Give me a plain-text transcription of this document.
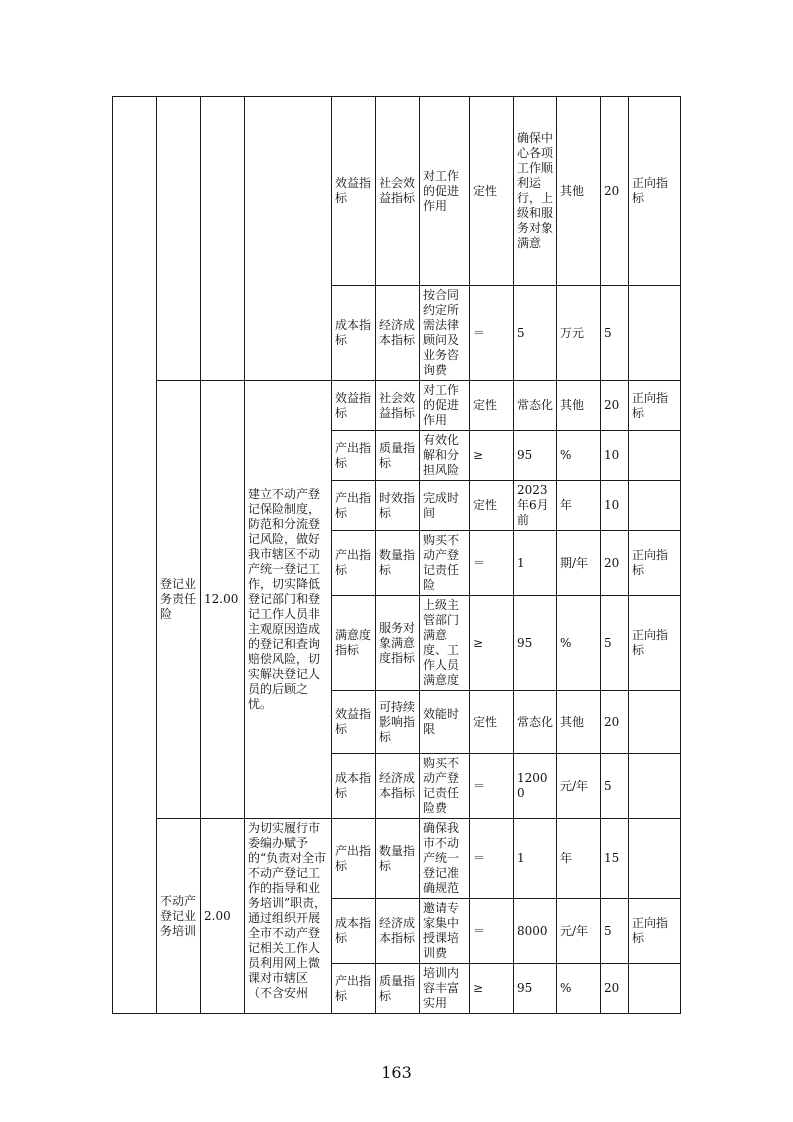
				效益指标	社会效益指标	对工作的促进作用	定性	确保中心各项工作顺利运行，上级和服务对象满意	其他	20	正向指标
				成本指标	经济成本指标	按合同约定所需法律顾问及业务咨询费	＝	5	万元	5	
	登记业务责任险	12.00	建立不动产登记保险制度，防范和分流登记风险，做好我市辖区不动产统一登记工作，切实降低登记部门和登记工作人员非主观原因造成的登记和查询赔偿风险，切实解决登记人员的后顾之忧。	效益指标	社会效益指标	对工作的促进作用	定性	常态化	其他	20	正向指标
				产出指标	质量指标	有效化解和分担风险	≥	95	%	10	
				产出指标	时效指标	完成时间	定性	2023年6月前	年	10	
				产出指标	数量指标	购买不动产登记责任险	＝	1	期/年	20	正向指标
				满意度指标	服务对象满意度指标	上级主管部门满意度、工作人员满意度	≥	95	%	5	正向指标
				效益指标	可持续影响指标	效能时限	定性	常态化	其他	20	
				成本指标	经济成本指标	购买不动产登记责任险费	＝	12000	元/年	5	
	不动产登记业务培训	2.00	为切实履行市委编办赋予的“负责对全市不动产登记工作的指导和业务培训”职责，通过组织开展全市不动产登记相关工作人员利用网上微课对市辖区（不含安州	产出指标	数量指标	确保我市不动产统一登记准确规范	＝	1	年	15	
				成本指标	经济成本指标	邀请专家集中授课培训费	＝	8000	元/年	5	正向指标
				产出指标	质量指标	培训内容丰富实用	≥	95	%	20	
163
